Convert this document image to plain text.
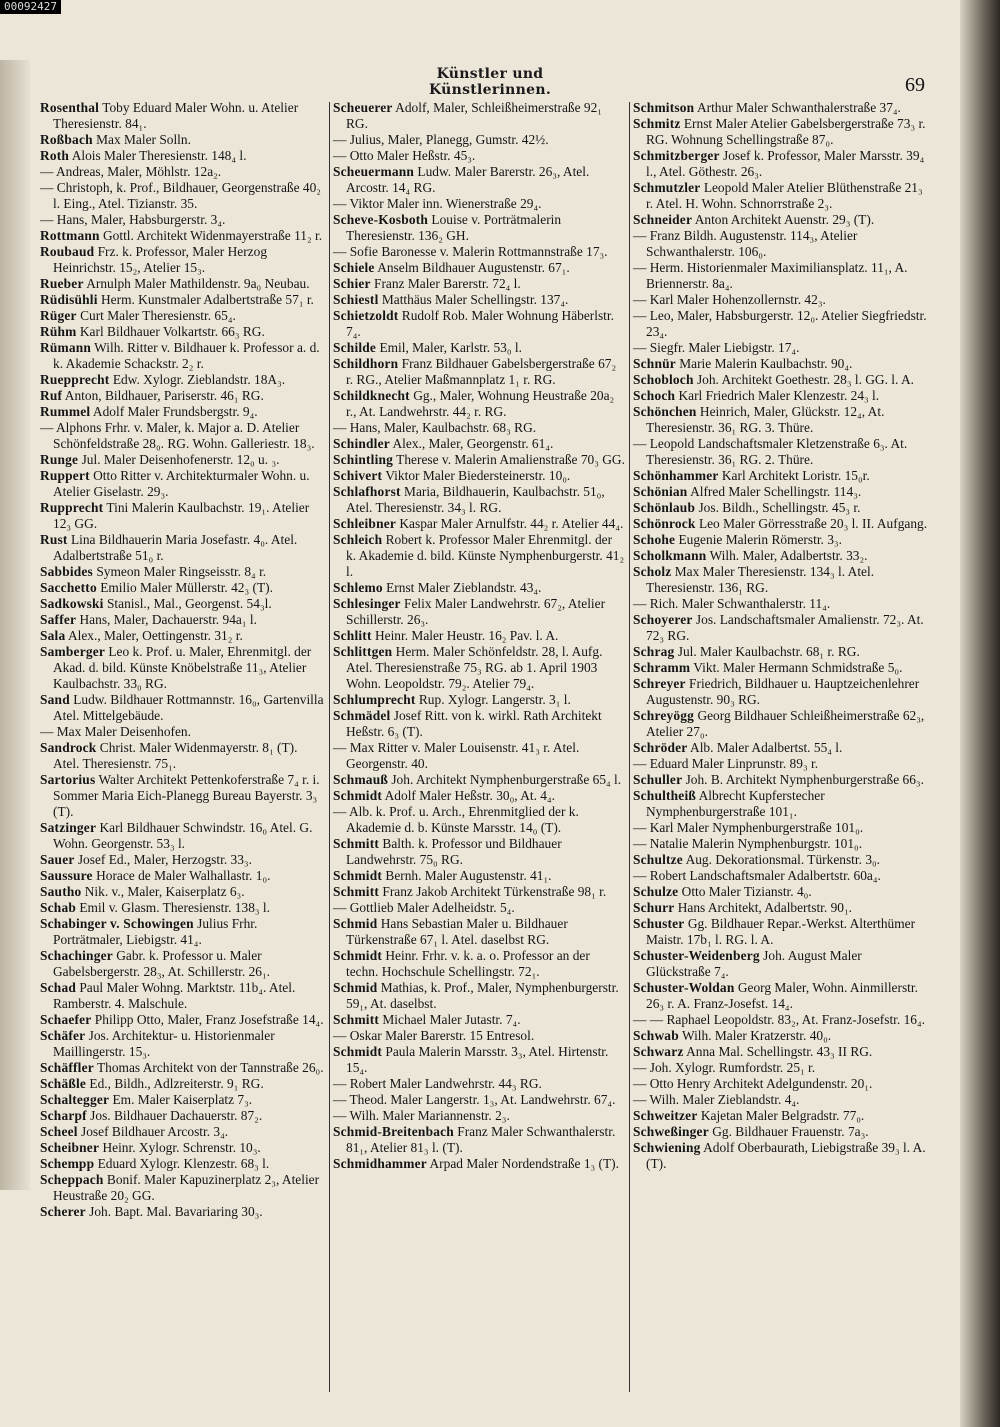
00092427
Künstler und Künstlerinnen.	69

Rosenthal Toby Eduard Maler Wohn. u. Atelier Theresienstr. 84₁.

Roßbach Max Maler Solln.

Roth Alois Maler Theresienstr. 148₄ l.

— Andreas, Maler, Möhlstr. 12a₂.

— Christoph, k. Prof., Bildhauer, Georgenstraße 40₂ l. Eing., Atel. Tizianstr. 35.

— Hans, Maler, Habsburgerstr. 3₄.

Rottmann Gottl. Architekt Widenmayerstraße 11₂ r.

Roubaud Frz. k. Professor, Maler Herzog Heinrichstr. 15₂, Atelier 15₃.

Rueber Arnulph Maler Mathildenstr. 9a₀ Neubau.

Rüdisühli Herm. Kunstmaler Adalbertstraße 57₁ r.

Rüger Curt Maler Theresienstr. 65₄.

Rühm Karl Bildhauer Volkartstr. 66₃ RG.

Rümann Wilh. Ritter v. Bildhauer k. Professor a. d. k. Akademie Schackstr. 2₂ r.

Ruepprecht Edw. Xylogr. Zieblandstr. 18A₃.

Ruf Anton, Bildhauer, Pariserstr. 46₁ RG.

Rummel Adolf Maler Frundsbergstr. 9₄.

— Alphons Frhr. v. Maler, k. Major a. D. Atelier Schönfeldstraße 28₀. RG. Wohn. Galleriestr. 18₃.

Runge Jul. Maler Deisenhofenerstr. 12₀ u. ₃.

Ruppert Otto Ritter v. Architekturmaler Wohn. u. Atelier Giselastr. 29₃.

Rupprecht Tini Malerin Kaulbachstr. 19₁. Atelier 12₃ GG.

Rust Lina Bildhauerin Maria Josefastr. 4₀. Atel. Adalbertstraße 51₀ r.

Sabbides Symeon Maler Ringseisstr. 8₄ r.

Sacchetto Emilio Maler Müllerstr. 42₃ (T).

Sadkowski Stanisl., Mal., Georgenst. 54₃l.

Saffer Hans, Maler, Dachauerstr. 94a₁ l.

Sala Alex., Maler, Oettingenstr. 31₂ r.

Samberger Leo k. Prof. u. Maler, Ehrenmitgl. der Akad. d. bild. Künste Knöbelstraße 11₃, Atelier Kaulbachstr. 33₀ RG.

Sand Ludw. Bildhauer Rottmannstr. 16₀, Gartenvilla Atel. Mittelgebäude.

— Max Maler Deisenhofen.

Sandrock Christ. Maler Widenmayerstr. 8₁ (T). Atel. Theresienstr. 75₁.

Sartorius Walter Architekt Pettenkoferstraße 7₄ r. i. Sommer Maria Eich-Planegg Bureau Bayerstr. 3₃ (T).

Satzinger Karl Bildhauer Schwindstr. 16₀ Atel. G. Wohn. Georgenstr. 53₃ l.

Sauer Josef Ed., Maler, Herzogstr. 33₃.

Saussure Horace de Maler Walhallastr. 1₀.

Sautho Nik. v., Maler, Kaiserplatz 6₃.

Schab Emil v. Glasm. Theresienstr. 138₃ l.

Schabinger v. Schowingen Julius Frhr. Porträtmaler, Liebigstr. 41₄.

Schachinger Gabr. k. Professor u. Maler Gabelsbergerstr. 28₃, At. Schillerstr. 26₁.

Schad Paul Maler Wohng. Marktstr. 11b₄. Atel. Ramberstr. 4. Malschule.

Schaefer Philipp Otto, Maler, Franz Josefstraße 14₄.

Schäfer Jos. Architektur- u. Historienmaler Maillingerstr. 15₃.

Schäffler Thomas Architekt von der Tannstraße 26₀.

Schäßle Ed., Bildh., Adlzreiterstr. 9₁ RG.

Schaltegger Em. Maler Kaiserplatz 7₃.

Scharpf Jos. Bildhauer Dachauerstr. 87₂.

Scheel Josef Bildhauer Arcostr. 3₄.

Scheibner Heinr. Xylogr. Schrenstr. 10₃.

Schempp Eduard Xylogr. Klenzestr. 68₃ l.

Scheppach Bonif. Maler Kapuzinerplatz 2₃, Atelier Heustraße 20₂ GG.

Scherer Joh. Bapt. Mal. Bavariaring 30₃.

Scheuerer Adolf, Maler, Schleißheimerstraße 92₁ RG.

— Julius, Maler, Planegg, Gumstr. 42½.

— Otto Maler Heßstr. 45₃.

Scheuermann Ludw. Maler Barerstr. 26₃, Atel. Arcostr. 14₄ RG.

— Viktor Maler inn. Wienerstraße 29₄.

Scheve-Kosboth Louise v. Porträtmalerin Theresienstr. 136₂ GH.

— Sofie Baronesse v. Malerin Rottmannstraße 17₃.

Schiele Anselm Bildhauer Augustenstr. 67₁.

Schier Franz Maler Barerstr. 72₄ l.

Schiestl Matthäus Maler Schellingstr. 137₄.

Schietzoldt Rudolf Rob. Maler Wohnung Häberlstr. 7₄.

Schilde Emil, Maler, Karlstr. 53₀ l.

Schildhorn Franz Bildhauer Gabelsbergerstraße 67₂ r. RG., Atelier Maßmannplatz 1₁ r. RG.

Schildknecht Gg., Maler, Wohnung Heustraße 20a₂ r., At. Landwehrstr. 44₂ r. RG.

— Hans, Maler, Kaulbachstr. 68₃ RG.

Schindler Alex., Maler, Georgenstr. 61₄.

Schintling Therese v. Malerin Amalienstraße 70₃ GG.

Schivert Viktor Maler Biedersteinerstr. 10₀.

Schlafhorst Maria, Bildhauerin, Kaulbachstr. 51₀, Atel. Theresienstr. 34₃ l. RG.

Schleibner Kaspar Maler Arnulfstr. 44₂ r. Atelier 44₄.

Schleich Robert k. Professor Maler Ehrenmitgl. der k. Akademie d. bild. Künste Nymphenburgerstr. 41₂ l.

Schlemo Ernst Maler Zieblandstr. 43₄.

Schlesinger Felix Maler Landwehrstr. 67₂, Atelier Schillerstr. 26₃.

Schlitt Heinr. Maler Heustr. 16₂ Pav. l. A.

Schlittgen Herm. Maler Schönfeldstr. 28, l. Aufg. Atel. Theresienstraße 75₃ RG. ab 1. April 1903 Wohn. Leopoldstr. 79₂. Atelier 79₄.

Schlumprecht Rup. Xylogr. Langerstr. 3₁ l.

Schmädel Josef Ritt. von k. wirkl. Rath Architekt Heßstr. 6₃ (T).

— Max Ritter v. Maler Louisenstr. 41₃ r. Atel. Georgenstr. 40.

Schmauß Joh. Architekt Nymphenburgerstraße 65₄ l.

Schmidt Adolf Maler Heßstr. 30₀, At. 4₄.

— Alb. k. Prof. u. Arch., Ehrenmitglied der k. Akademie d. b. Künste Marsstr. 14₀ (T).

Schmitt Balth. k. Professor und Bildhauer Landwehrstr. 75₀ RG.

Schmidt Bernh. Maler Augustenstr. 41₁.

Schmitt Franz Jakob Architekt Türkenstraße 98₁ r.

— Gottlieb Maler Adelheidstr. 5₄.

Schmid Hans Sebastian Maler u. Bildhauer Türkenstraße 67₁ l. Atel. daselbst RG.

Schmidt Heinr. Frhr. v. k. a. o. Professor an der techn. Hochschule Schellingstr. 72₁.

Schmid Mathias, k. Prof., Maler, Nymphenburgerstr. 59₁, At. daselbst.

Schmitt Michael Maler Jutastr. 7₄.

— Oskar Maler Barerstr. 15 Entresol.

Schmidt Paula Malerin Marsstr. 3₃, Atel. Hirtenstr. 15₄.

— Robert Maler Landwehrstr. 44₃ RG.

— Theod. Maler Langerstr. 1₃, At. Landwehrstr. 67₄.

— Wilh. Maler Mariannenstr. 2₃.

Schmid-Breitenbach Franz Maler Schwanthalerstr. 81₁, Atelier 81₃ l. (T).

Schmidhammer Arpad Maler Nordendstraße 1₃ (T).

Schmitson Arthur Maler Schwanthalerstraße 37₄.

Schmitz Ernst Maler Atelier Gabelsbergerstraße 73₃ r. RG. Wohnung Schellingstraße 87₀.

Schmitzberger Josef k. Professor, Maler Marsstr. 39₄ l., Atel. Göthestr. 26₃.

Schmutzler Leopold Maler Atelier Blüthenstraße 21₃ r. Atel. H. Wohn. Schnorrstraße 2₃.

Schneider Anton Architekt Auenstr. 29₃ (T).

— Franz Bildh. Augustenstr. 114₃, Atelier Schwanthalerstr. 106₀.

— Herm. Historienmaler Maximiliansplatz. 11₁, A. Briennerstr. 8a₄.

— Karl Maler Hohenzollernstr. 42₃.

— Leo, Maler, Habsburgerstr. 12₀. Atelier Siegfriedstr. 23₄.

— Siegfr. Maler Liebigstr. 17₄.

Schnür Marie Malerin Kaulbachstr. 90₄.

Schobloch Joh. Architekt Goethestr. 28₃ l. GG. l. A.

Schoch Karl Friedrich Maler Klenzestr. 24₃ l.

Schönchen Heinrich, Maler, Glückstr. 12₄, At. Theresienstr. 36₁ RG. 3. Thüre.

— Leopold Landschaftsmaler Kletzenstraße 6₃. At. Theresienstr. 36₁ RG. 2. Thüre.

Schönhammer Karl Architekt Loristr. 15₀r.

Schönian Alfred Maler Schellingstr. 114₃.

Schönlaub Jos. Bildh., Schellingstr. 45₃ r.

Schönrock Leo Maler Görresstraße 20₃ l. II. Aufgang.

Schohe Eugenie Malerin Römerstr. 3₃.

Scholkmann Wilh. Maler, Adalbertstr. 33₂.

Scholz Max Maler Theresienstr. 134₃ l. Atel. Theresienstr. 136₁ RG.

— Rich. Maler Schwanthalerstr. 11₄.

Schoyerer Jos. Landschaftsmaler Amalienstr. 72₃. At. 72₃ RG.

Schrag Jul. Maler Kaulbachstr. 68₁ r. RG.

Schramm Vikt. Maler Hermann Schmidstraße 5₀.

Schreyer Friedrich, Bildhauer u. Hauptzeichenlehrer Augustenstr. 90₃ RG.

Schreyögg Georg Bildhauer Schleißheimerstraße 62₃, Atelier 27₀.

Schröder Alb. Maler Adalbertst. 55₄ l.

— Eduard Maler Linprunstr. 89₃ r.

Schuller Joh. B. Architekt Nymphenburgerstraße 66₃.

Schultheiß Albrecht Kupferstecher Nymphenburgerstraße 101₁.

— Karl Maler Nymphenburgerstraße 101₀.

— Natalie Malerin Nymphenburgstr. 101₀.

Schultze Aug. Dekorationsmal. Türkenstr. 3₀.

— Robert Landschaftsmaler Adalbertstr. 60a₄.

Schulze Otto Maler Tizianstr. 4₀.

Schurr Hans Architekt, Adalbertstr. 90₁.

Schuster Gg. Bildhauer Repar.-Werkst. Alterthümer Maistr. 17b₁ l. RG. l. A.

Schuster-Weidenberg Joh. August Maler Glückstraße 7₄.

Schuster-Woldan Georg Maler, Wohn. Ainmillerstr. 26₃ r. A. Franz-Josefst. 14₄.

— — Raphael Leopoldstr. 83₂, At. Franz-Josefstr. 16₄.

Schwab Wilh. Maler Kratzerstr. 40₀.

Schwarz Anna Mal. Schellingstr. 43₃ II RG.

— Joh. Xylogr. Rumfordstr. 25₁ r.

— Otto Henry Architekt Adelgundenstr. 20₁.

— Wilh. Maler Zieblandstr. 4₄.

Schweitzer Kajetan Maler Belgradstr. 77₀.

Schweßinger Gg. Bildhauer Frauenstr. 7a₃.

Schwiening Adolf Oberbaurath, Liebigstraße 39₃ l. A. (T).
